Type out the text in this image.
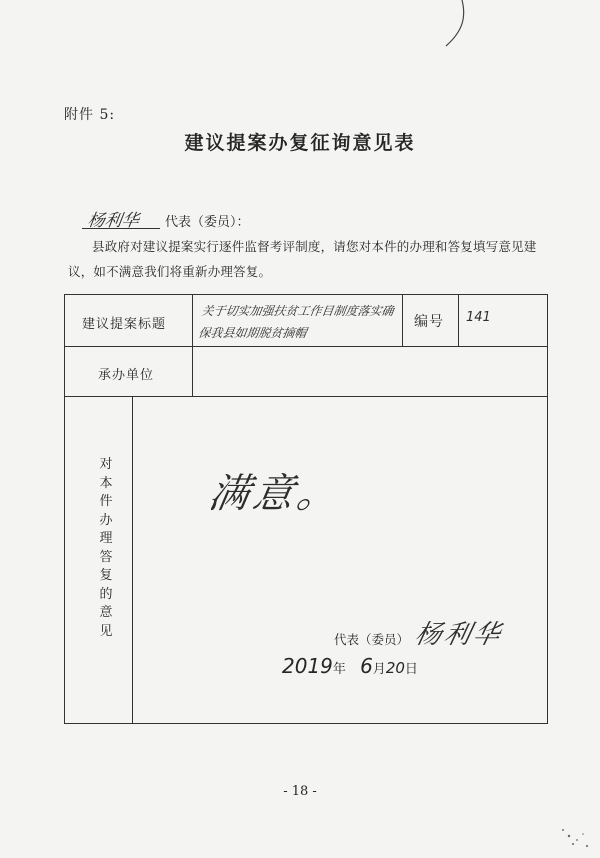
附件 5:
建议提案办复征询意见表
杨利华 代表（委员）：
县政府对建议提案实行逐件监督考评制度，请您对本件的办理和答复填写意见建议，如不满意我们将重新办理答复。
建议提案标题
关于切实加强扶贫工作目制度落实确保我县如期脱贫摘帽
编号 141
承办单位
对
本
件
办
理
答
复
的
意
见
满意。
代表（委员） 杨利华
2019年 6月20日
- 18 -
